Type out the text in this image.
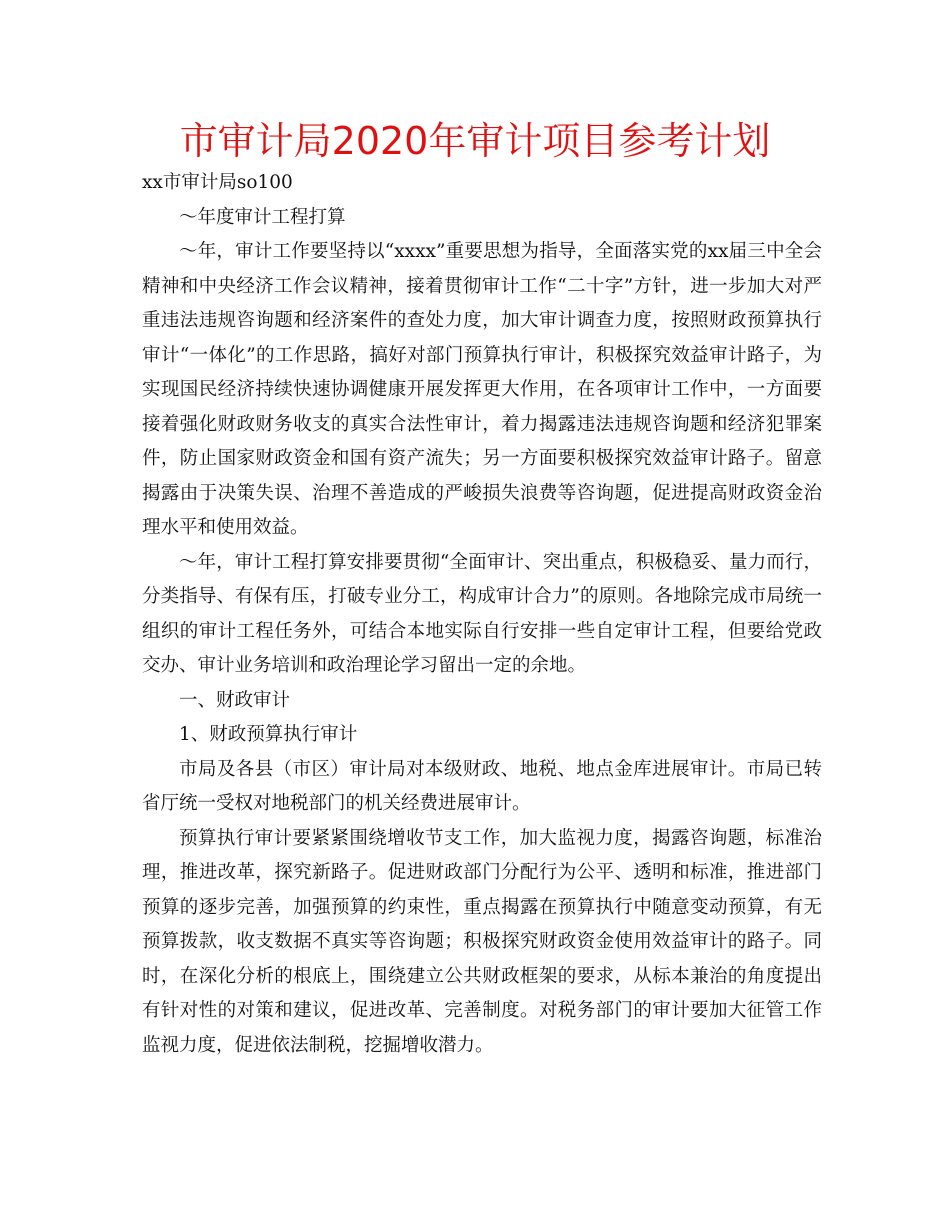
市审计局2020年审计项目参考计划

xx市审计局so100

～年度审计工程打算

～年，审计工作要坚持以“xxxx”重要思想为指导，全面落实党的xx届三中全会精神和中央经济工作会议精神，接着贯彻审计工作“二十字”方针，进一步加大对严重违法违规咨询题和经济案件的查处力度，加大审计调查力度，按照财政预算执行审计“一体化”的工作思路，搞好对部门预算执行审计，积极探究效益审计路子，为实现国民经济持续快速协调健康开展发挥更大作用，在各项审计工作中，一方面要接着强化财政财务收支的真实合法性审计，着力揭露违法违规咨询题和经济犯罪案件，防止国家财政资金和国有资产流失；另一方面要积极探究效益审计路子。留意揭露由于决策失误、治理不善造成的严峻损失浪费等咨询题，促进提高财政资金治理水平和使用效益。

～年，审计工程打算安排要贯彻“全面审计、突出重点，积极稳妥、量力而行，分类指导、有保有压，打破专业分工，构成审计合力”的原则。各地除完成市局统一组织的审计工程任务外，可结合本地实际自行安排一些自定审计工程，但要给党政交办、审计业务培训和政治理论学习留出一定的余地。

一、财政审计

1、财政预算执行审计

市局及各县（市区）审计局对本级财政、地税、地点金库进展审计。市局已转省厅统一受权对地税部门的机关经费进展审计。

预算执行审计要紧紧围绕增收节支工作，加大监视力度，揭露咨询题，标准治理，推进改革，探究新路子。促进财政部门分配行为公平、透明和标准，推进部门预算的逐步完善，加强预算的约束性，重点揭露在预算执行中随意变动预算，有无预算拨款，收支数据不真实等咨询题；积极探究财政资金使用效益审计的路子。同时，在深化分析的根底上，围绕建立公共财政框架的要求，从标本兼治的角度提出有针对性的对策和建议，促进改革、完善制度。对税务部门的审计要加大征管工作监视力度，促进依法制税，挖掘增收潜力。
